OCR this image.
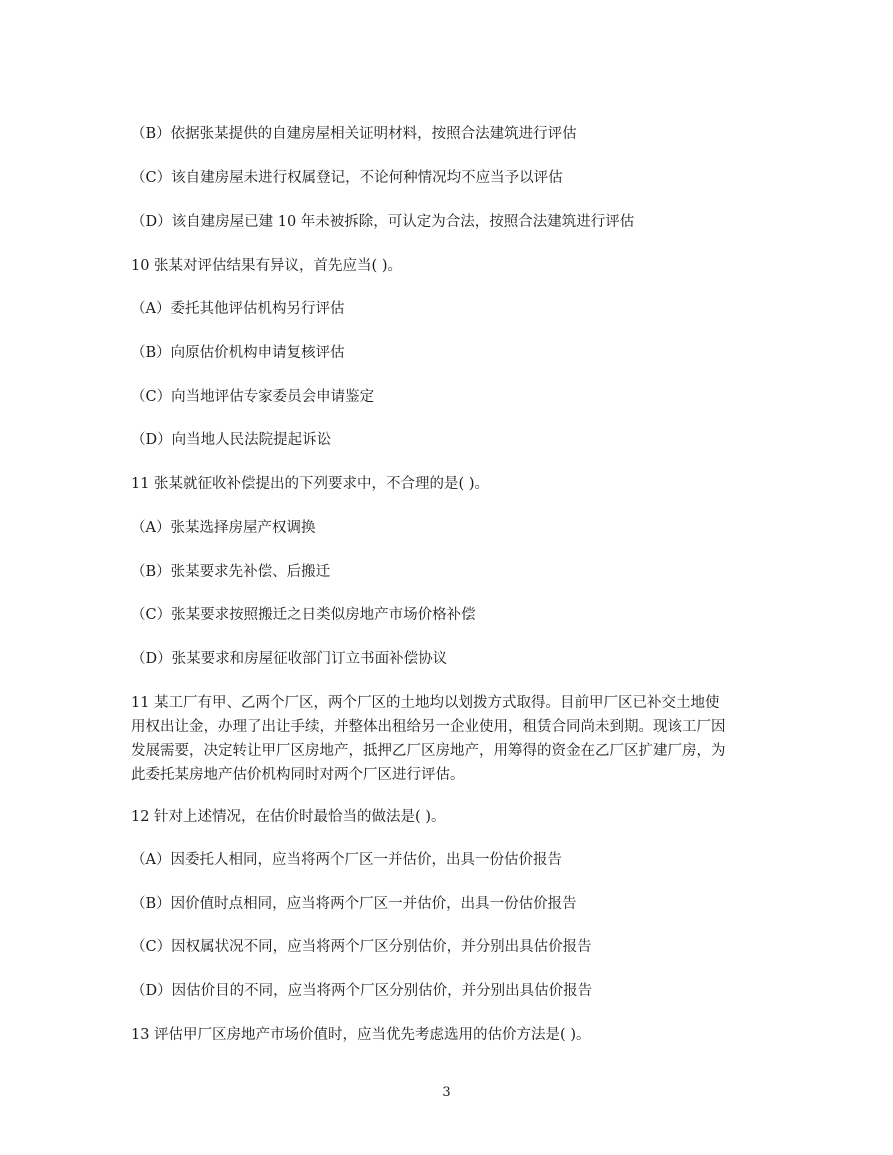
（B）依据张某提供的自建房屋相关证明材料，按照合法建筑进行评估
（C）该自建房屋未进行权属登记，不论何种情况均不应当予以评估
（D）该自建房屋已建 10 年未被拆除，可认定为合法，按照合法建筑进行评估
10 张某对评估结果有异议，首先应当( )。
（A）委托其他评估机构另行评估
（B）向原估价机构申请复核评估
（C）向当地评估专家委员会申请鉴定
（D）向当地人民法院提起诉讼
11 张某就征收补偿提出的下列要求中，不合理的是( )。
（A）张某选择房屋产权调换
（B）张某要求先补偿、后搬迁
（C）张某要求按照搬迁之日类似房地产市场价格补偿
（D）张某要求和房屋征收部门订立书面补偿协议
11 某工厂有甲、乙两个厂区，两个厂区的土地均以划拨方式取得。目前甲厂区已补交土地使
用权出让金，办理了出让手续，并整体出租给另一企业使用，租赁合同尚未到期。现该工厂因
发展需要，决定转让甲厂区房地产，抵押乙厂区房地产，用筹得的资金在乙厂区扩建厂房，为
此委托某房地产估价机构同时对两个厂区进行评估。
12 针对上述情况，在估价时最恰当的做法是( )。
（A）因委托人相同，应当将两个厂区一并估价，出具一份估价报告
（B）因价值时点相同，应当将两个厂区一并估价，出具一份估价报告
（C）因权属状况不同，应当将两个厂区分别估价，并分别出具估价报告
（D）因估价目的不同，应当将两个厂区分别估价，并分别出具估价报告
13 评估甲厂区房地产市场价值时，应当优先考虑选用的估价方法是( )。
3
